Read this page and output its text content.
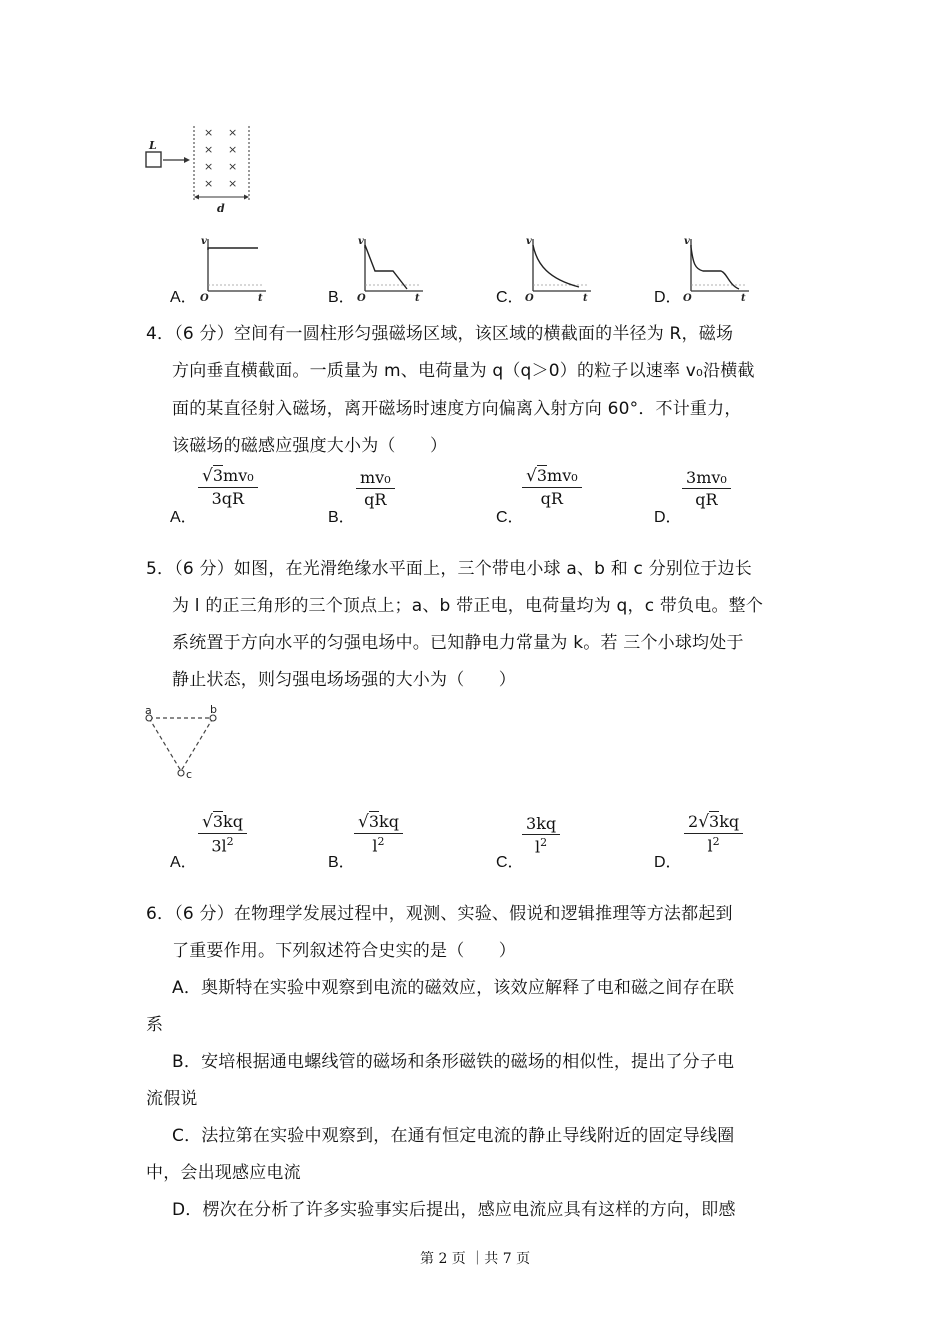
L
× ×
× ×
× ×
× ×
d
A．	B．	C．	D．
v
O	t
v
O	t
v
O	t
v
O	t
4．（6 分）空间有一圆柱形匀强磁场区域，该区域的横截面的半径为 R，磁场
方向垂直横截面。一质量为 m、电荷量为 q（q＞0）的粒子以速率 v₀沿横截
面的某直径射入磁场，离开磁场时速度方向偏离入射方向 60°．不计重力，
该磁场的磁感应强度大小为（　　）
A．
$\frac{\text{√3mv₀}}{3qR}$
B．
$\frac{\text{mv₀}}{qR}$
C．
$\frac{\text{√3mv₀}}{qR}$
D．
$\frac{\text{3mv₀}}{qR}$
5．（6 分）如图，在光滑绝缘水平面上，三个带电小球 a、b 和 c 分别位于边长
为 l 的正三角形的三个顶点上；a、b 带正电，电荷量均为 q，c 带负电。整个
系统置于方向水平的匀强电场中。已知静电力常量为 k。若 三个小球均处于
静止状态，则匀强电场场强的大小为（　　）
a	b
c
A．
$\frac{√3kq}{3l^2}$
B．
$\frac{√3kq}{l^2}$
C．
$\frac{3kq}{l^2}$
D．
$\frac{2√3kq}{l^2}$
6．（6 分）在物理学发展过程中，观测、实验、假说和逻辑推理等方法都起到
了重要作用。下列叙述符合史实的是（　　）
A．奥斯特在实验中观察到电流的磁效应，该效应解释了电和磁之间存在联
系
B．安培根据通电螺线管的磁场和条形磁铁的磁场的相似性，提出了分子电
流假说
C．法拉第在实验中观察到，在通有恒定电流的静止导线附近的固定导线圈
中，会出现感应电流
D．楞次在分析了许多实验事实后提出，感应电流应具有这样的方向，即感
第 2 页 ｜共 7 页
